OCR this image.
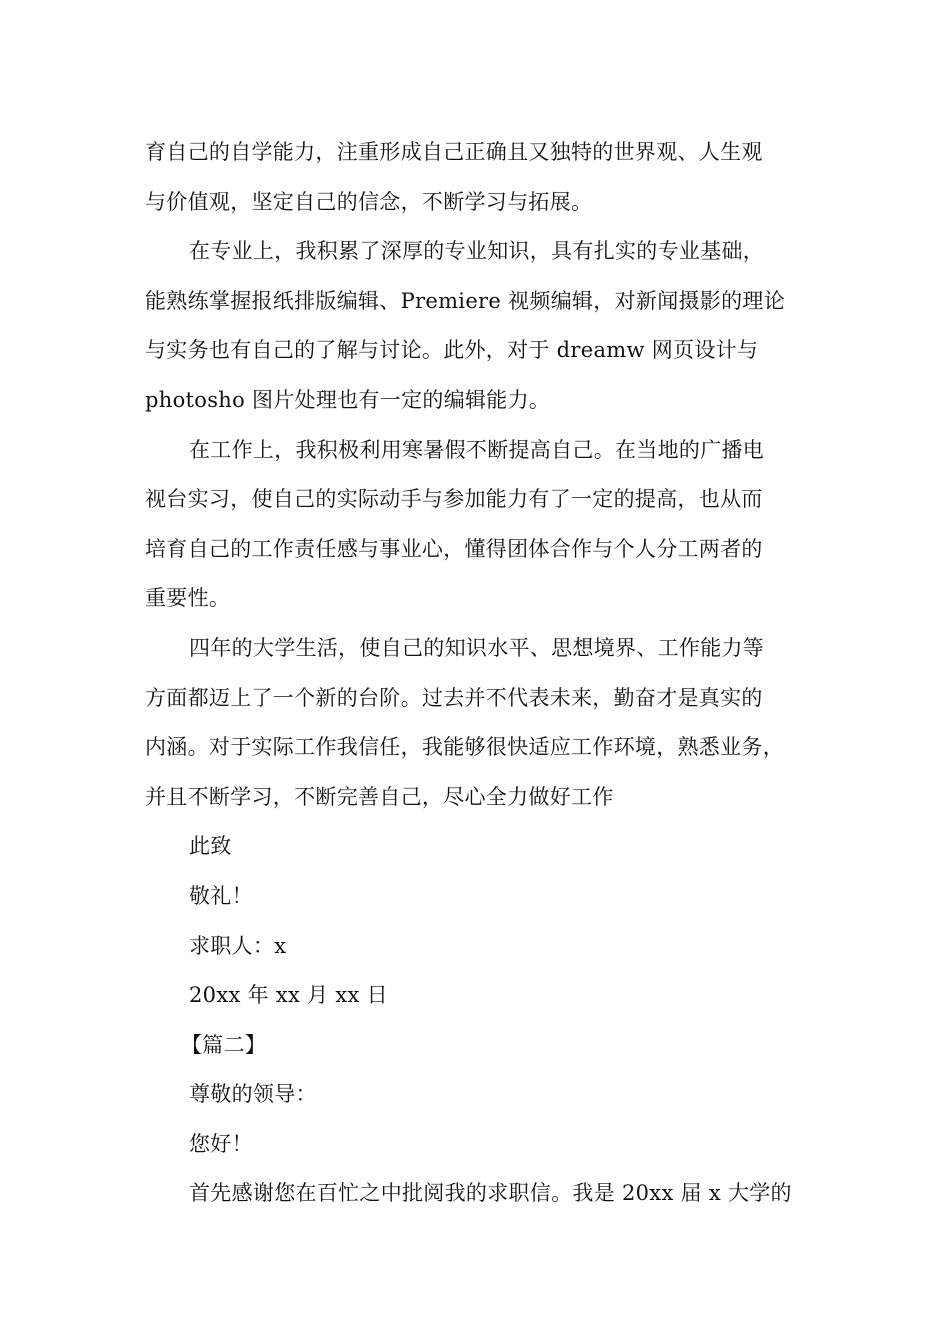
育自己的自学能力，注重形成自己正确且又独特的世界观、人生观
与价值观，坚定自己的信念，不断学习与拓展。
在专业上，我积累了深厚的专业知识，具有扎实的专业基础，
能熟练掌握报纸排版编辑、Premiere 视频编辑，对新闻摄影的理论
与实务也有自己的了解与讨论。此外，对于 dreamw 网页设计与
photosho 图片处理也有一定的编辑能力。
在工作上，我积极利用寒暑假不断提高自己。在当地的广播电
视台实习，使自己的实际动手与参加能力有了一定的提高，也从而
培育自己的工作责任感与事业心，懂得团体合作与个人分工两者的
重要性。
四年的大学生活，使自己的知识水平、思想境界、工作能力等
方面都迈上了一个新的台阶。过去并不代表未来，勤奋才是真实的
内涵。对于实际工作我信任，我能够很快适应工作环境，熟悉业务，
并且不断学习，不断完善自己，尽心全力做好工作
此致
敬礼！
求职人：x
20xx 年 xx 月 xx 日
【篇二】
尊敬的领导：
您好！
首先感谢您在百忙之中批阅我的求职信。我是 20xx 届 x 大学的
